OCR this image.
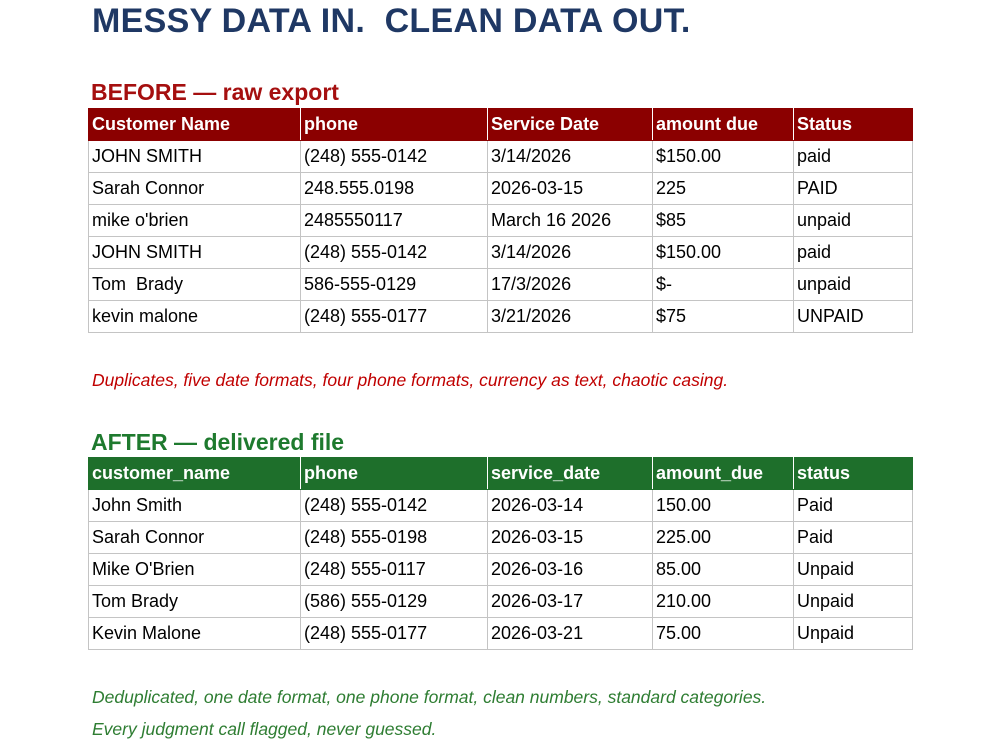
MESSY DATA IN.  CLEAN DATA OUT.
BEFORE — raw export
Customer Name	phone	Service Date	amount due	Status
JOHN SMITH	(248) 555-0142	3/14/2026	$150.00	paid
Sarah Connor	248.555.0198	2026-03-15	225	PAID
mike o'brien	2485550117	March 16 2026	$85	unpaid
JOHN SMITH	(248) 555-0142	3/14/2026	$150.00	paid
Tom  Brady	586-555-0129	17/3/2026	$-	unpaid
kevin malone	(248) 555-0177	3/21/2026	$75	UNPAID

Duplicates, five date formats, four phone formats, currency as text, chaotic casing.

AFTER — delivered file
customer_name	phone	service_date	amount_due	status
John Smith	(248) 555-0142	2026-03-14	150.00	Paid
Sarah Connor	(248) 555-0198	2026-03-15	225.00	Paid
Mike O'Brien	(248) 555-0117	2026-03-16	85.00	Unpaid
Tom Brady	(586) 555-0129	2026-03-17	210.00	Unpaid
Kevin Malone	(248) 555-0177	2026-03-21	75.00	Unpaid

Deduplicated, one date format, one phone format, clean numbers, standard categories.

Every judgment call flagged, never guessed.
